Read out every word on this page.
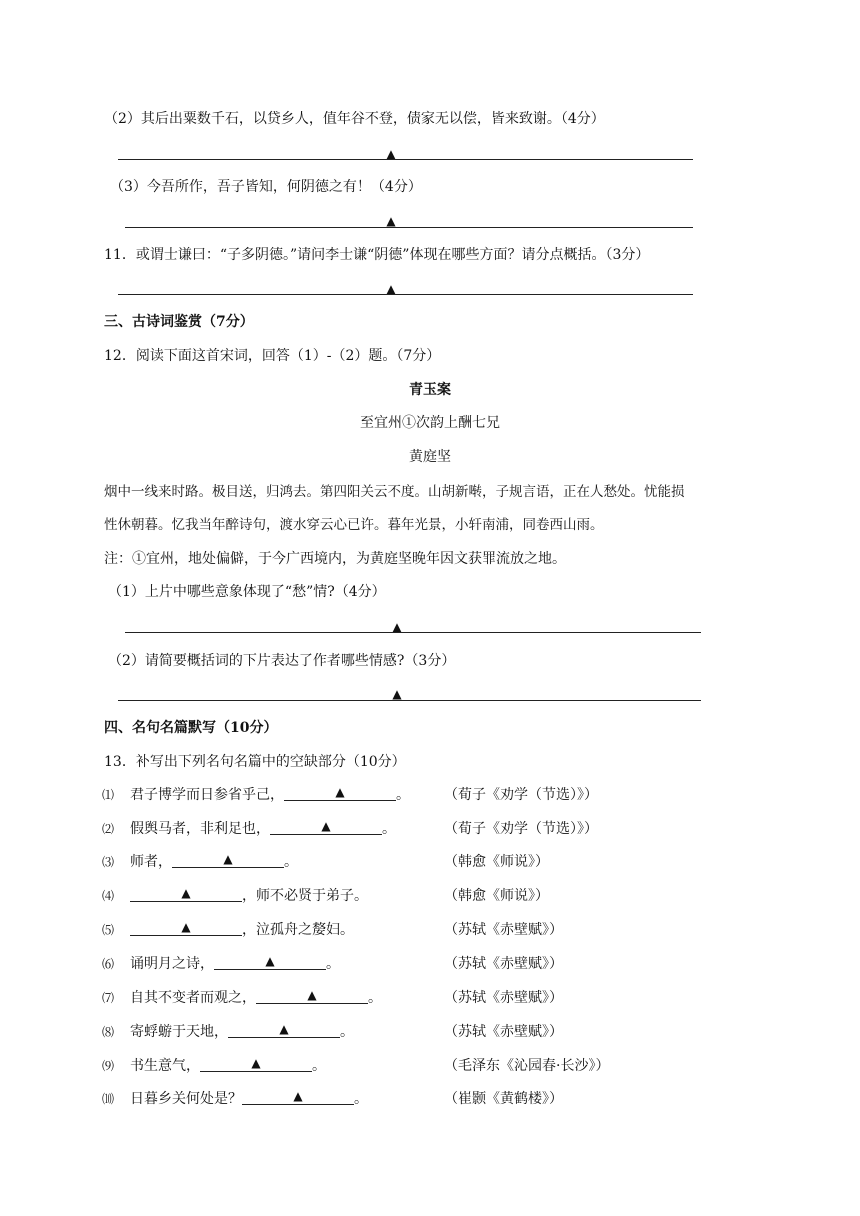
（2）其后出粟数千石，以贷乡人，值年谷不登，债家无以偿，皆来致谢。（4分）
▲
（3）今吾所作，吾子皆知，何阴德之有！（4分）
▲
11．或谓士谦曰：“子多阴德。”请问李士谦“阴德”体现在哪些方面？请分点概括。（3分）
▲
三、古诗词鉴赏（7分）
12．阅读下面这首宋词，回答（1）-（2）题。（7分）
青玉案
至宜州①次韵上酬七兄
黄庭坚
烟中一线来时路。极目送，归鸿去。第四阳关云不度。山胡新啭，子规言语，正在人愁处。忧能损
性休朝暮。忆我当年醉诗句，渡水穿云心已许。暮年光景，小轩南浦，同卷西山雨。
注：①宜州，地处偏僻，于今广西境内，为黄庭坚晚年因文获罪流放之地。
（1）上片中哪些意象体现了“愁”情?（4分）
▲
（2）请简要概括词的下片表达了作者哪些情感?（3分）
▲
四、名句名篇默写（10分）
13．补写出下列名句名篇中的空缺部分（10分）
⑴ 君子博学而日参省乎己，	▲	。 （荀子《劝学（节选）》）
⑵ 假舆马者，非利足也，	▲	。	（荀子《劝学（节选）》）
⑶ 师者，	▲	。	（韩愈《师说》）
⑷	▲	，师不必贤于弟子。	（韩愈《师说》）
⑸	▲	，泣孤舟之嫠妇。	（苏轼《赤壁赋》）
⑹ 诵明月之诗，	▲	。	（苏轼《赤壁赋》）
⑺ 自其不变者而观之，	▲	。	（苏轼《赤壁赋》）
⑻ 寄蜉蝣于天地，	▲	。	（苏轼《赤壁赋》）
⑼ 书生意气，	▲	。	（毛泽东《沁园春·长沙》）
⑽ 日暮乡关何处是？	▲	。	（崔颢《黄鹤楼》）
